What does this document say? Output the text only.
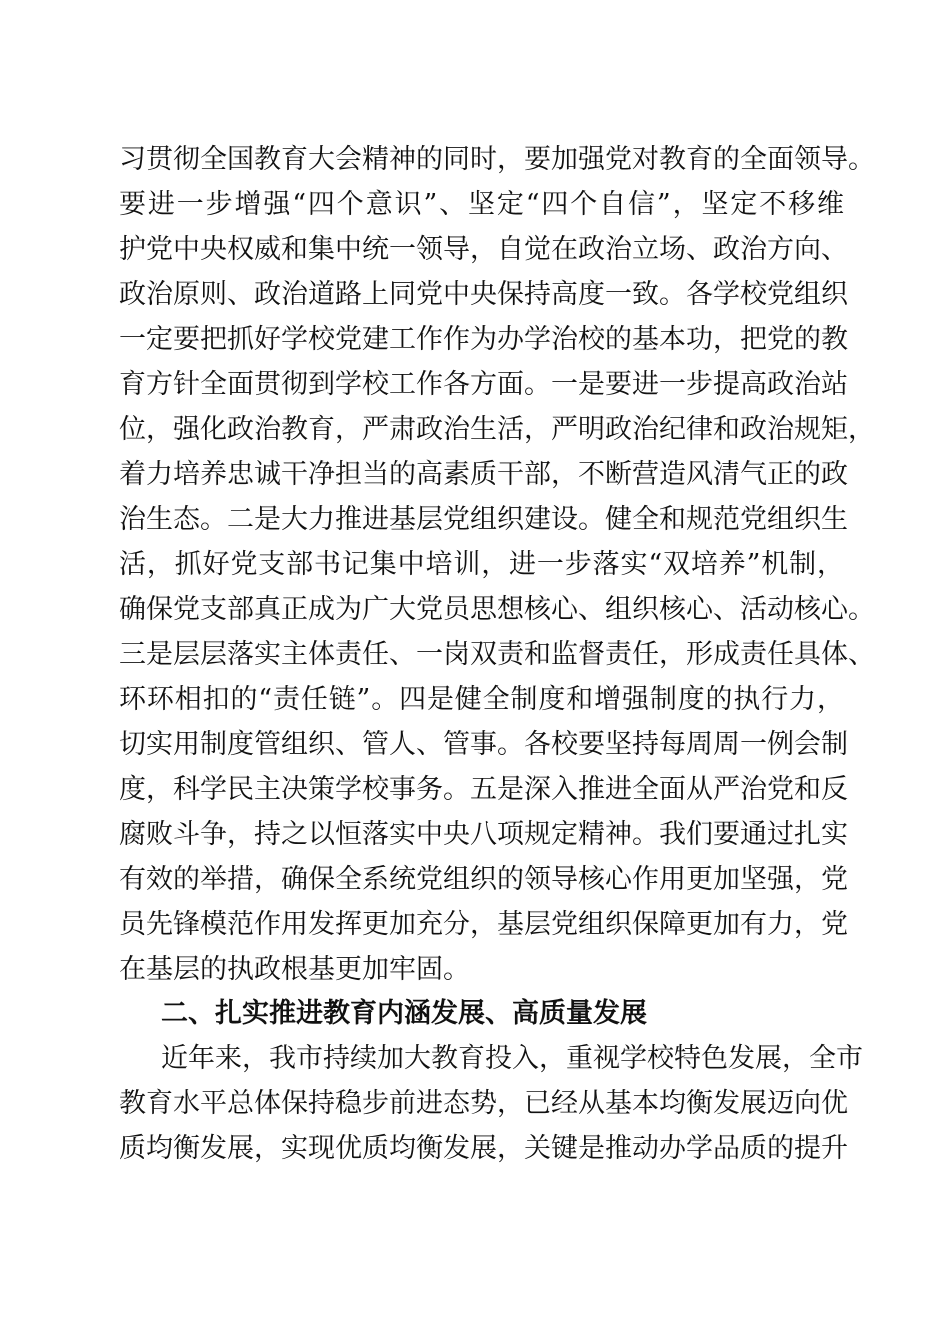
习贯彻全国教育大会精神的同时，要加强党对教育的全面领导。
要进一步增强“四个意识”、坚定“四个自信”，坚定不移维
护党中央权威和集中统一领导，自觉在政治立场、政治方向、
政治原则、政治道路上同党中央保持高度一致。各学校党组织
一定要把抓好学校党建工作作为办学治校的基本功，把党的教
育方针全面贯彻到学校工作各方面。一是要进一步提高政治站
位，强化政治教育，严肃政治生活，严明政治纪律和政治规矩，
着力培养忠诚干净担当的高素质干部，不断营造风清气正的政
治生态。二是大力推进基层党组织建设。健全和规范党组织生
活，抓好党支部书记集中培训，进一步落实“双培养”机制，
确保党支部真正成为广大党员思想核心、组织核心、活动核心。
三是层层落实主体责任、一岗双责和监督责任，形成责任具体、
环环相扣的“责任链”。四是健全制度和增强制度的执行力，
切实用制度管组织、管人、管事。各校要坚持每周周一例会制
度，科学民主决策学校事务。五是深入推进全面从严治党和反
腐败斗争，持之以恒落实中央八项规定精神。我们要通过扎实
有效的举措，确保全系统党组织的领导核心作用更加坚强，党
员先锋模范作用发挥更加充分，基层党组织保障更加有力，党
在基层的执政根基更加牢固。
二、扎实推进教育内涵发展、高质量发展
近年来，我市持续加大教育投入，重视学校特色发展，全市
教育水平总体保持稳步前进态势，已经从基本均衡发展迈向优
质均衡发展，实现优质均衡发展，关键是推动办学品质的提升
